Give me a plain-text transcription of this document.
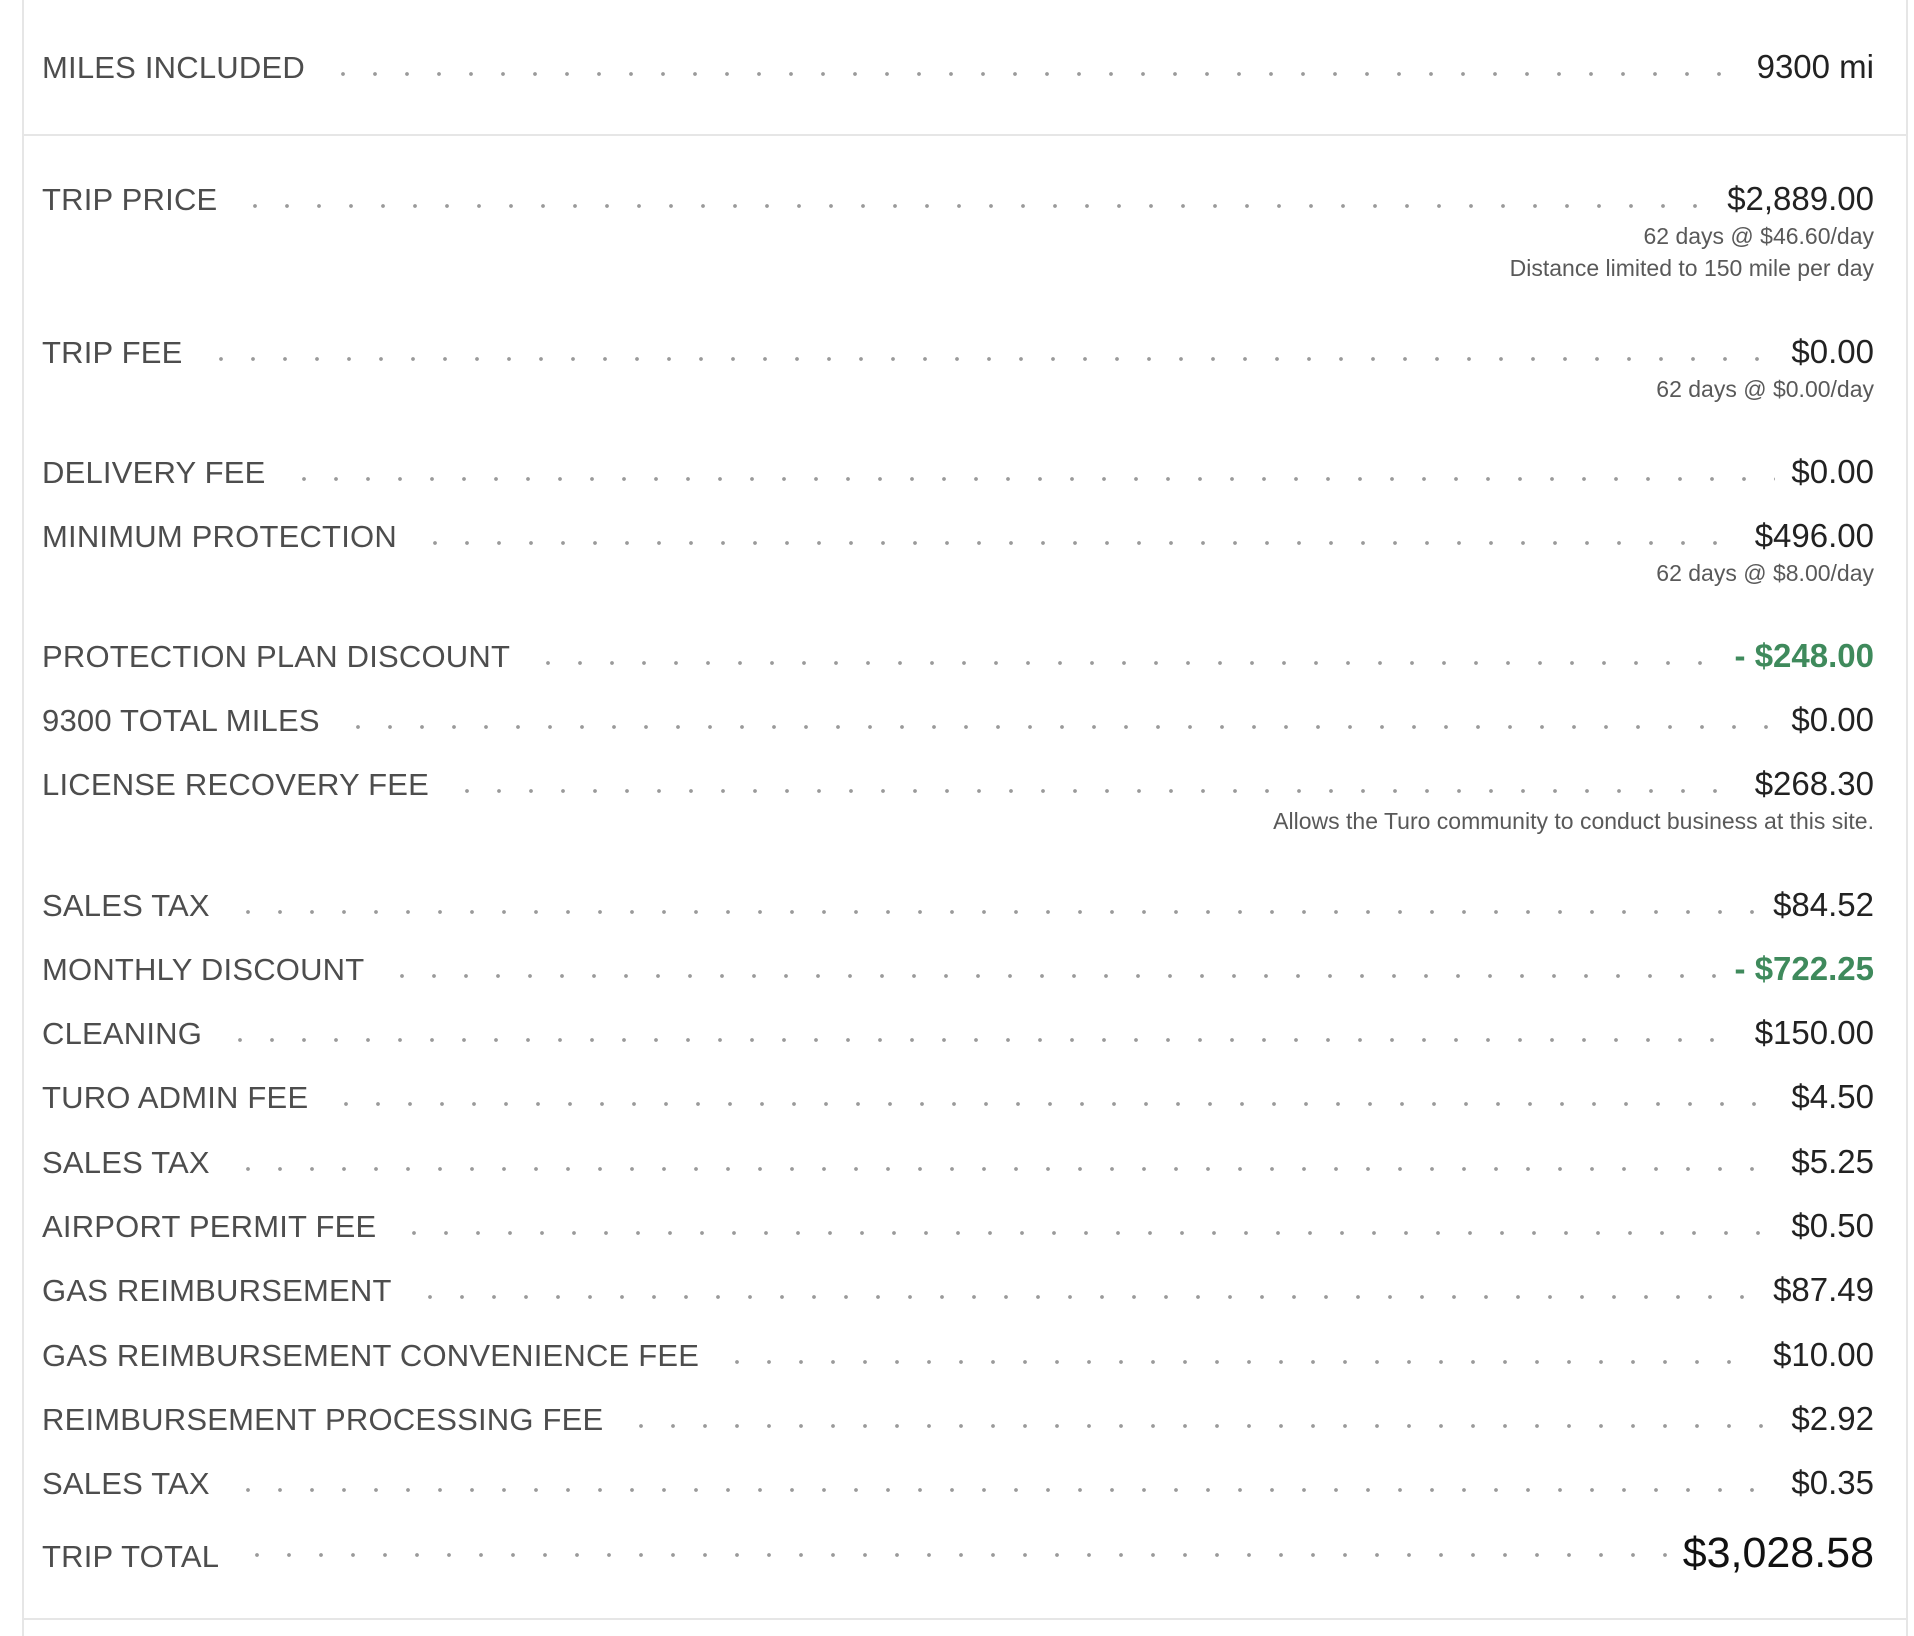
MILES INCLUDED	9300 mi
TRIP PRICE	$2,889.00
62 days @ $46.60/day
Distance limited to 150 mile per day
TRIP FEE	$0.00
62 days @ $0.00/day
DELIVERY FEE	$0.00
MINIMUM PROTECTION	$496.00
62 days @ $8.00/day
PROTECTION PLAN DISCOUNT	- $248.00
9300 TOTAL MILES	$0.00
LICENSE RECOVERY FEE	$268.30
Allows the Turo community to conduct business at this site.
SALES TAX	$84.52
MONTHLY DISCOUNT	- $722.25
CLEANING	$150.00
TURO ADMIN FEE	$4.50
SALES TAX	$5.25
AIRPORT PERMIT FEE	$0.50
GAS REIMBURSEMENT	$87.49
GAS REIMBURSEMENT CONVENIENCE FEE	$10.00
REIMBURSEMENT PROCESSING FEE	$2.92
SALES TAX	$0.35
TRIP TOTAL	$3,028.58
